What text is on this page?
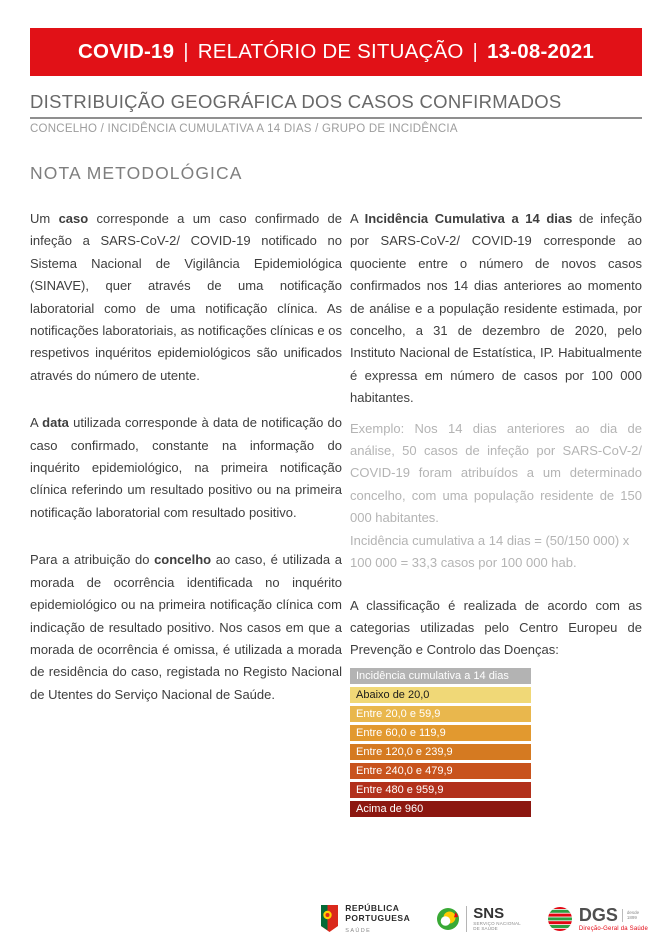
COVID-19 | RELATÓRIO DE SITUAÇÃO | 13-08-2021
DISTRIBUIÇÃO GEOGRÁFICA DOS CASOS CONFIRMADOS
CONCELHO / INCIDÊNCIA CUMULATIVA A 14 DIAS / GRUPO DE INCIDÊNCIA
NOTA METODOLÓGICA

Um caso corresponde a um caso confirmado de infeção a SARS-CoV-2/ COVID-19 notificado no Sistema Nacional de Vigilância Epidemiológica (SINAVE), quer através de uma notificação laboratorial como de uma notificação clínica. As notificações laboratoriais, as notificações clínicas e os respetivos inquéritos epidemiológicos são unificados através do número de utente.

A data utilizada corresponde à data de notificação do caso confirmado, constante na informação do inquérito epidemiológico, na primeira notificação clínica referindo um resultado positivo ou na primeira notificação laboratorial com resultado positivo.

Para a atribuição do concelho ao caso, é utilizada a morada de ocorrência identificada no inquérito epidemiológico ou na primeira notificação clínica com indicação de resultado positivo. Nos casos em que a morada de ocorrência é omissa, é utilizada a morada de residência do caso, registada no Registo Nacional de Utentes do Serviço Nacional de Saúde.

A Incidência Cumulativa a 14 dias de infeção por SARS-CoV-2/ COVID-19 corresponde ao quociente entre o número de novos casos confirmados nos 14 dias anteriores ao momento de análise e a população residente estimada, por concelho, a 31 de dezembro de 2020, pelo Instituto Nacional de Estatística, IP. Habitualmente é expressa em número de casos por 100 000 habitantes.

Exemplo: Nos 14 dias anteriores ao dia de análise, 50 casos de infeção por SARS-CoV-2/ COVID-19 foram atribuídos a um determinado concelho, com uma população residente de 150 000 habitantes.

Incidência cumulativa a 14 dias = (50/150 000) x 100 000 = 33,3 casos por 100 000 hab.

A classificação é realizada de acordo com as categorias utilizadas pelo Centro Europeu de Prevenção e Controlo das Doenças:

Incidência cumulativa a 14 dias
Abaixo de 20,0
Entre 20,0 e 59,9
Entre 60,0 e 119,9
Entre 120,0 e 239,9
Entre 240,0 e 479,9
Entre 480 e 959,9
Acima de 960
REPÚBLICA
PORTUGUESA
SAÚDE
SNS
SERVIÇO NACIONAL
DE SAÚDE
DGS desde
1899
Direção-Geral da Saúde
